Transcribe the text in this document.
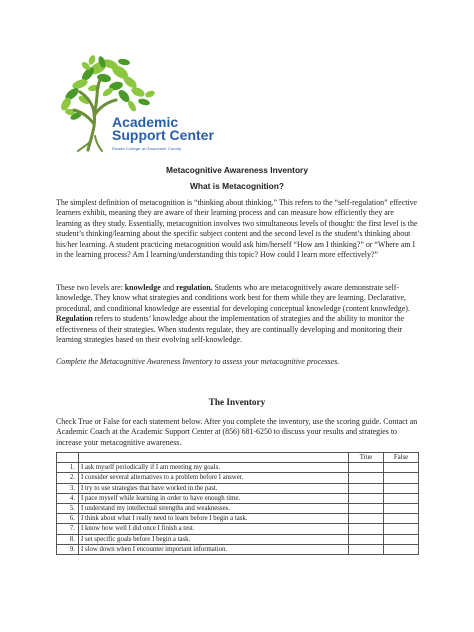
Academic
Support Center
Rowan College at Gloucester County
Metacognitive Awareness Inventory
What is Metacognition?

The simplest definition of metacognition is “thinking about thinking.” This refers to the “self-regulation” effective learners exhibit, meaning they are aware of their learning process and can measure how efficiently they are learning as they study. Essentially, metacognition involves two simultaneous levels of thought: the first level is the student’s thinking/learning about the specific subject content and the second level is the student’s thinking about his/her learning. A student practicing metacognition would ask him/herself “How am I thinking?” or “Where am I in the learning process? Am I learning/understanding this topic? How could I learn more effectively?”

These two levels are: knowledge and regulation. Students who are metacognitively aware demonstrate self-knowledge. They know what strategies and conditions work best for them while they are learning. Declarative, procedural, and conditional knowledge are essential for developing conceptual knowledge (content knowledge). Regulation refers to students’ knowledge about the implementation of strategies and the ability to monitor the effectiveness of their strategies. When students regulate, they are continually developing and monitoring their learning strategies based on their evolving self-knowledge.

Complete the Metacognitive Awareness Inventory to assess your metacognitive processes.

The Inventory

Check True or False for each statement below. After you complete the inventory, use the scoring guide. Contact an Academic Coach at the Academic Support Center at (856) 681-6250 to discuss your results and strategies to increase your metacognitive awareness.

		True	False
1.	I ask myself periodically if I am meeting my goals.		
2.	I consider several alternatives to a problem before I answer.		
3.	I try to use strategies that have worked in the past.		
4.	I pace myself while learning in order to have enough time.		
5.	I understand my intellectual strengths and weaknesses.		
6.	I think about what I really need to learn before I begin a task.		
7.	I know how well I did once I finish a test.		
8.	I set specific goals before I begin a task.		
9.	I slow down when I encounter important information.		
